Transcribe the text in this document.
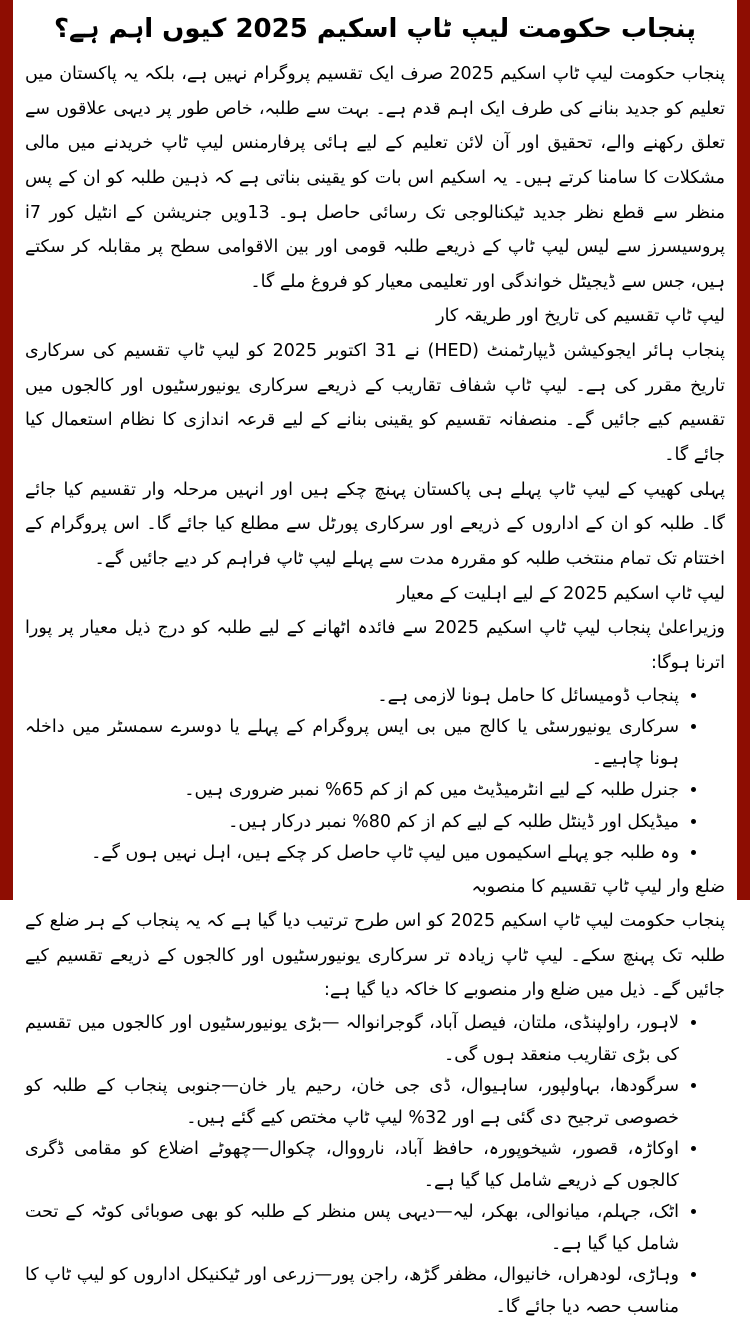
پنجاب حکومت لیپ ٹاپ اسکیم 2025 کیوں اہم ہے؟

پنجاب حکومت لیپ ٹاپ اسکیم 2025 صرف ایک تقسیم پروگرام نہیں ہے، بلکہ یہ پاکستان میں تعلیم کو جدید بنانے کی طرف ایک اہم قدم ہے۔ بہت سے طلبہ، خاص طور پر دیہی علاقوں سے تعلق رکھنے والے، تحقیق اور آن لائن تعلیم کے لیے ہائی پرفارمنس لیپ ٹاپ خریدنے میں مالی مشکلات کا سامنا کرتے ہیں۔ یہ اسکیم اس بات کو یقینی بناتی ہے کہ ذہین طلبہ کو ان کے پس منظر سے قطع نظر جدید ٹیکنالوجی تک رسائی حاصل ہو۔ 13ویں جنریشن کے انٹیل کور i7 پروسیسرز سے لیس لیپ ٹاپ کے ذریعے طلبہ قومی اور بین الاقوامی سطح پر مقابلہ کر سکتے ہیں، جس سے ڈیجیٹل خواندگی اور تعلیمی معیار کو فروغ ملے گا۔

لیپ ٹاپ تقسیم کی تاریخ اور طریقہ کار

پنجاب ہائر ایجوکیشن ڈیپارٹمنٹ (HED) نے 31 اکتوبر 2025 کو لیپ ٹاپ تقسیم کی سرکاری تاریخ مقرر کی ہے۔ لیپ ٹاپ شفاف تقاریب کے ذریعے سرکاری یونیورسٹیوں اور کالجوں میں تقسیم کیے جائیں گے۔ منصفانہ تقسیم کو یقینی بنانے کے لیے قرعہ اندازی کا نظام استعمال کیا جائے گا۔

پہلی کھیپ کے لیپ ٹاپ پہلے ہی پاکستان پہنچ چکے ہیں اور انہیں مرحلہ وار تقسیم کیا جائے گا۔ طلبہ کو ان کے اداروں کے ذریعے اور سرکاری پورٹل سے مطلع کیا جائے گا۔ اس پروگرام کے اختتام تک تمام منتخب طلبہ کو مقررہ مدت سے پہلے لیپ ٹاپ فراہم کر دیے جائیں گے۔

لیپ ٹاپ اسکیم 2025 کے لیے اہلیت کے معیار

وزیراعلیٰ پنجاب لیپ ٹاپ اسکیم 2025 سے فائدہ اٹھانے کے لیے طلبہ کو درج ذیل معیار پر پورا اترنا ہوگا:

• پنجاب ڈومیسائل کا حامل ہونا لازمی ہے۔
• سرکاری یونیورسٹی یا کالج میں بی ایس پروگرام کے پہلے یا دوسرے سمسٹر میں داخلہ ہونا چاہیے۔
• جنرل طلبہ کے لیے انٹرمیڈیٹ میں کم از کم 65% نمبر ضروری ہیں۔
• میڈیکل اور ڈینٹل طلبہ کے لیے کم از کم 80% نمبر درکار ہیں۔
• وہ طلبہ جو پہلے اسکیموں میں لیپ ٹاپ حاصل کر چکے ہیں، اہل نہیں ہوں گے۔
ضلع وار لیپ ٹاپ تقسیم کا منصوبہ

پنجاب حکومت لیپ ٹاپ اسکیم 2025 کو اس طرح ترتیب دیا گیا ہے کہ یہ پنجاب کے ہر ضلع کے طلبہ تک پہنچ سکے۔ لیپ ٹاپ زیادہ تر سرکاری یونیورسٹیوں اور کالجوں کے ذریعے تقسیم کیے جائیں گے۔ ذیل میں ضلع وار منصوبے کا خاکہ دیا گیا ہے:

• لاہور، راولپنڈی، ملتان، فیصل آباد، گوجرانوالہ —بڑی یونیورسٹیوں اور کالجوں میں تقسیم کی بڑی تقاریب منعقد ہوں گی۔
• سرگودھا، بہاولپور، ساہیوال، ڈی جی خان، رحیم یار خان—جنوبی پنجاب کے طلبہ کو خصوصی ترجیح دی گئی ہے اور 32% لیپ ٹاپ مختص کیے گئے ہیں۔
• اوکاڑہ، قصور، شیخوپورہ، حافظ آباد، نارووال، چکوال—چھوٹے اضلاع کو مقامی ڈگری کالجوں کے ذریعے شامل کیا گیا ہے۔
• اٹک، جہلم، میانوالی، بھکر، لیہ—دیہی پس منظر کے طلبہ کو بھی صوبائی کوٹہ کے تحت شامل کیا گیا ہے۔
• وہاڑی، لودھراں، خانیوال، مظفر گڑھ، راجن پور—زرعی اور ٹیکنیکل اداروں کو لیپ ٹاپ کا مناسب حصہ دیا جائے گا۔
